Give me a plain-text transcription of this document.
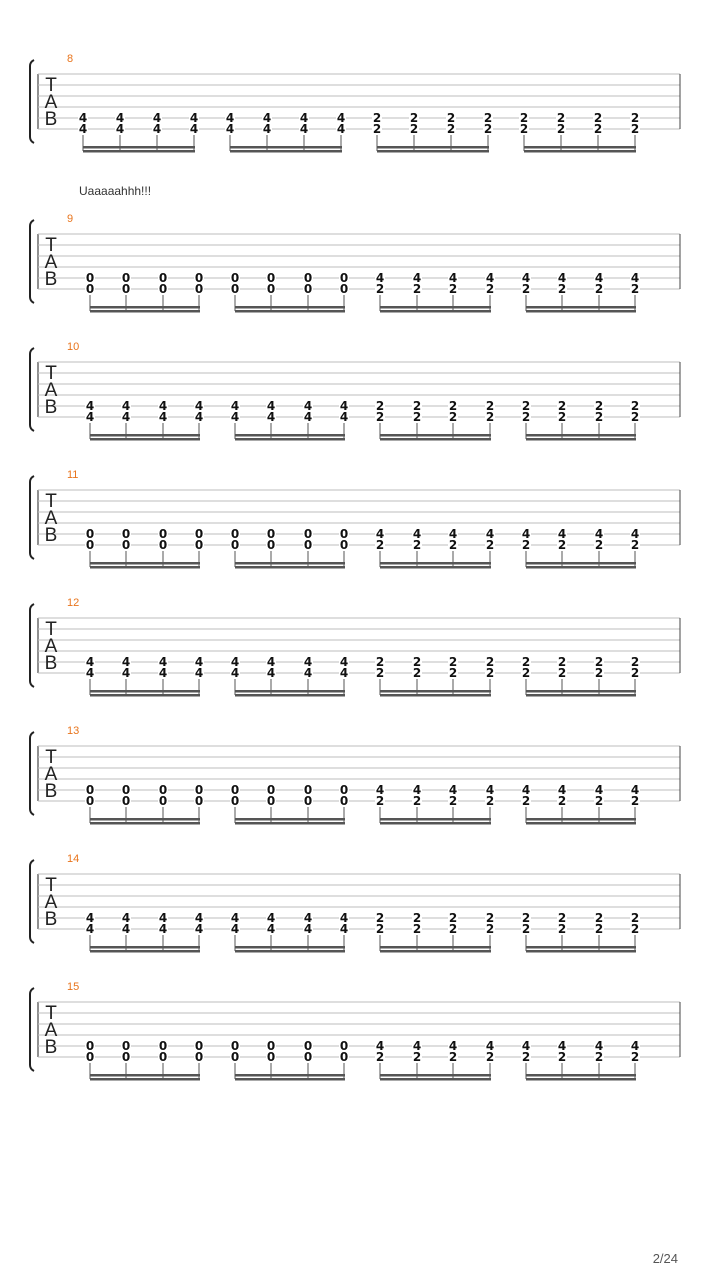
8
T
A
B 4
4
4
4
4
4
4
4
4
4
4
4
4
4
4
4
2
2
2
2
2
2
2
2
2
2
2
2
2
2
2
2
9
Uaaaaahhh!!!
T
A
B 0
0
0
0
0
0
0
0
0
0
0
0
0
0
0
0
4
2
4
2
4
2
4
2
4
2
4
2
4
2
4
2
10
T
A
B 4
4
4
4
4
4
4
4
4
4
4
4
4
4
4
4
2
2
2
2
2
2
2
2
2
2
2
2
2
2
2
2
11
T
A
B 0
0
0
0
0
0
0
0
0
0
0
0
0
0
0
0
4
2
4
2
4
2
4
2
4
2
4
2
4
2
4
2
12
T
A
B 4
4
4
4
4
4
4
4
4
4
4
4
4
4
4
4
2
2
2
2
2
2
2
2
2
2
2
2
2
2
2
2
13
T
A
B 0
0
0
0
0
0
0
0
0
0
0
0
0
0
0
0
4
2
4
2
4
2
4
2
4
2
4
2
4
2
4
2
14
T
A
B 4
4
4
4
4
4
4
4
4
4
4
4
4
4
4
4
2
2
2
2
2
2
2
2
2
2
2
2
2
2
2
2
15
T
A
B 0
0
0
0
0
0
0
0
0
0
0
0
0
0
0
0
4
2
4
2
4
2
4
2
4
2
4
2
4
2
4
2
2/24
